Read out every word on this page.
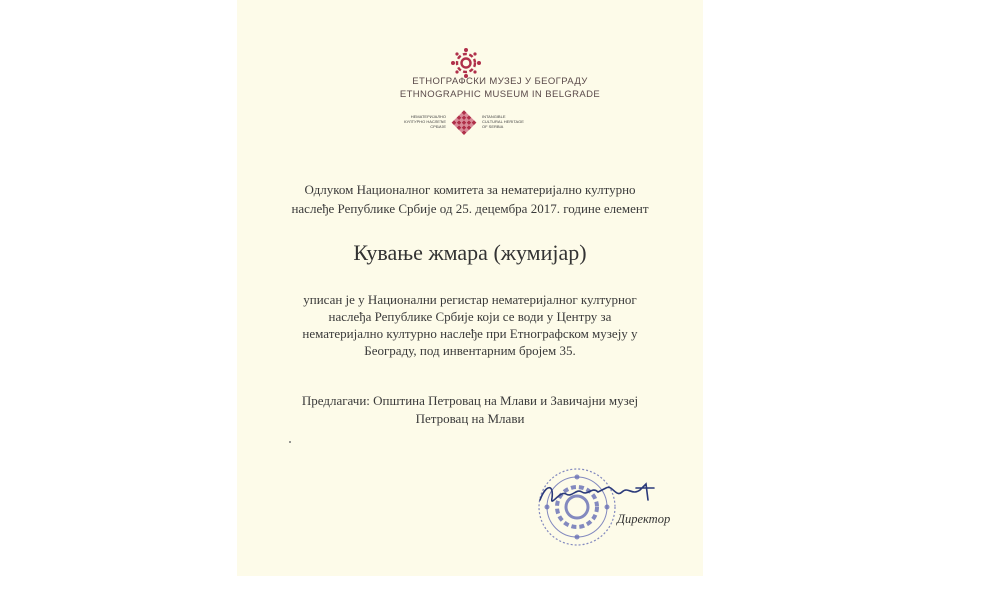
ЕТНОГРАФСКИ МУЗЕЈ У БЕОГРАДУ
ETHNOGRAPHIC MUSEUM IN BELGRADE
НЕМАТЕРИЈАЛНО
КУЛТУРНО НАСЛЕЂЕ
СРБИЈЕ
INTANGIBLE
CULTURAL HERITAGE
OF SERBIA
Одлуком Националног комитета за нематеријално културно
наслеђе Републике Србије од 25. децембра 2017. године елемент
Кување жмара (жумијар)
уписан је у Национални регистар нематеријалног културног
наслеђа Републике Србије који се води у Центру за
нематеријално културно наслеђе при Етнографском музеју у
Београду, под инвентарним бројем 35.
Предлагачи: Општина Петровац на Млави и Завичајни музеј
Петровац на Млави
Директор
